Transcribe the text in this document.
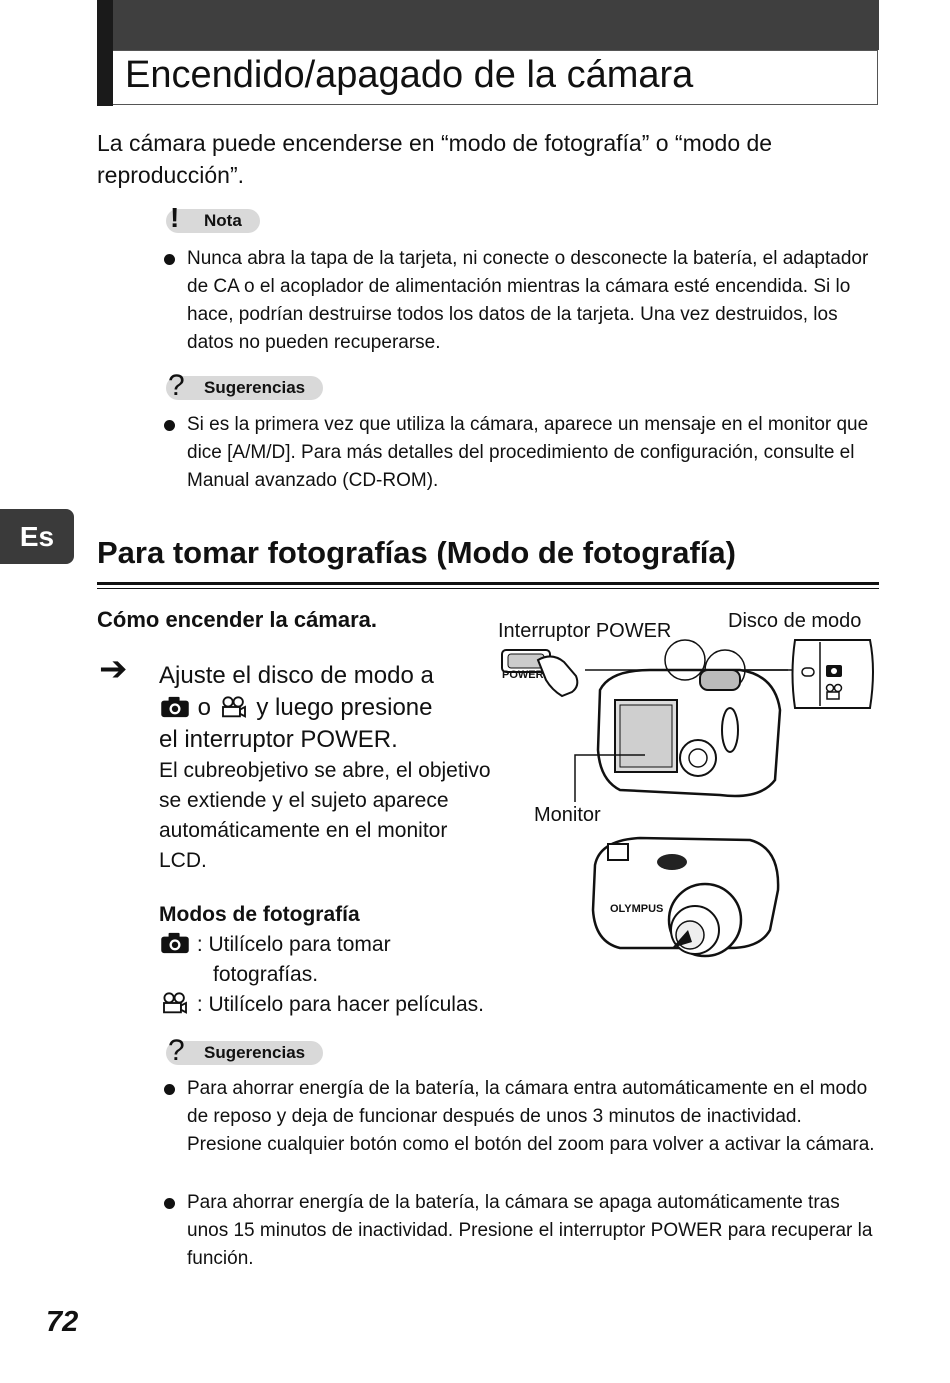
Encendido/apagado de la cámara
La cámara puede encenderse en “modo de fotografía” o “modo de reproducción”.
Nota
!
Nunca abra la tapa de la tarjeta, ni conecte o desconecte la batería, el adaptador de CA o el acoplador de alimentación mientras la cámara esté encendida. Si lo hace, podrían destruirse todos los datos de la tarjeta. Una vez destruidos, los datos no pueden recuperarse.
Sugerencias
?
Si es la primera vez que utiliza la cámara, aparece un mensaje en el monitor que dice [A/M/D]. Para más detalles del procedimiento de configuración, consulte el Manual avanzado (CD-ROM).
Es	Para tomar fotografías (Modo de fotografía)
Cómo encender la cámara.
➔ Ajuste el disco de modo a
o y luego presione
el interruptor POWER.
El cubreobjetivo se abre, el objetivo se extiende y el sujeto aparece automáticamente en el monitor LCD.
Modos de fotografía
: Utilícelo para tomar
fotografías.
: Utilícelo para hacer películas.
Interruptor POWER	Disco de modo
Monitor
POWER
OLYMPUS
Sugerencias
?
Para ahorrar energía de la batería, la cámara entra automáticamente en el modo de reposo y deja de funcionar después de unos 3 minutos de inactividad. Presione cualquier botón como el botón del zoom para volver a activar la cámara.
Para ahorrar energía de la batería, la cámara se apaga automáticamente tras unos 15 minutos de inactividad. Presione el interruptor POWER para recuperar la función.
72
